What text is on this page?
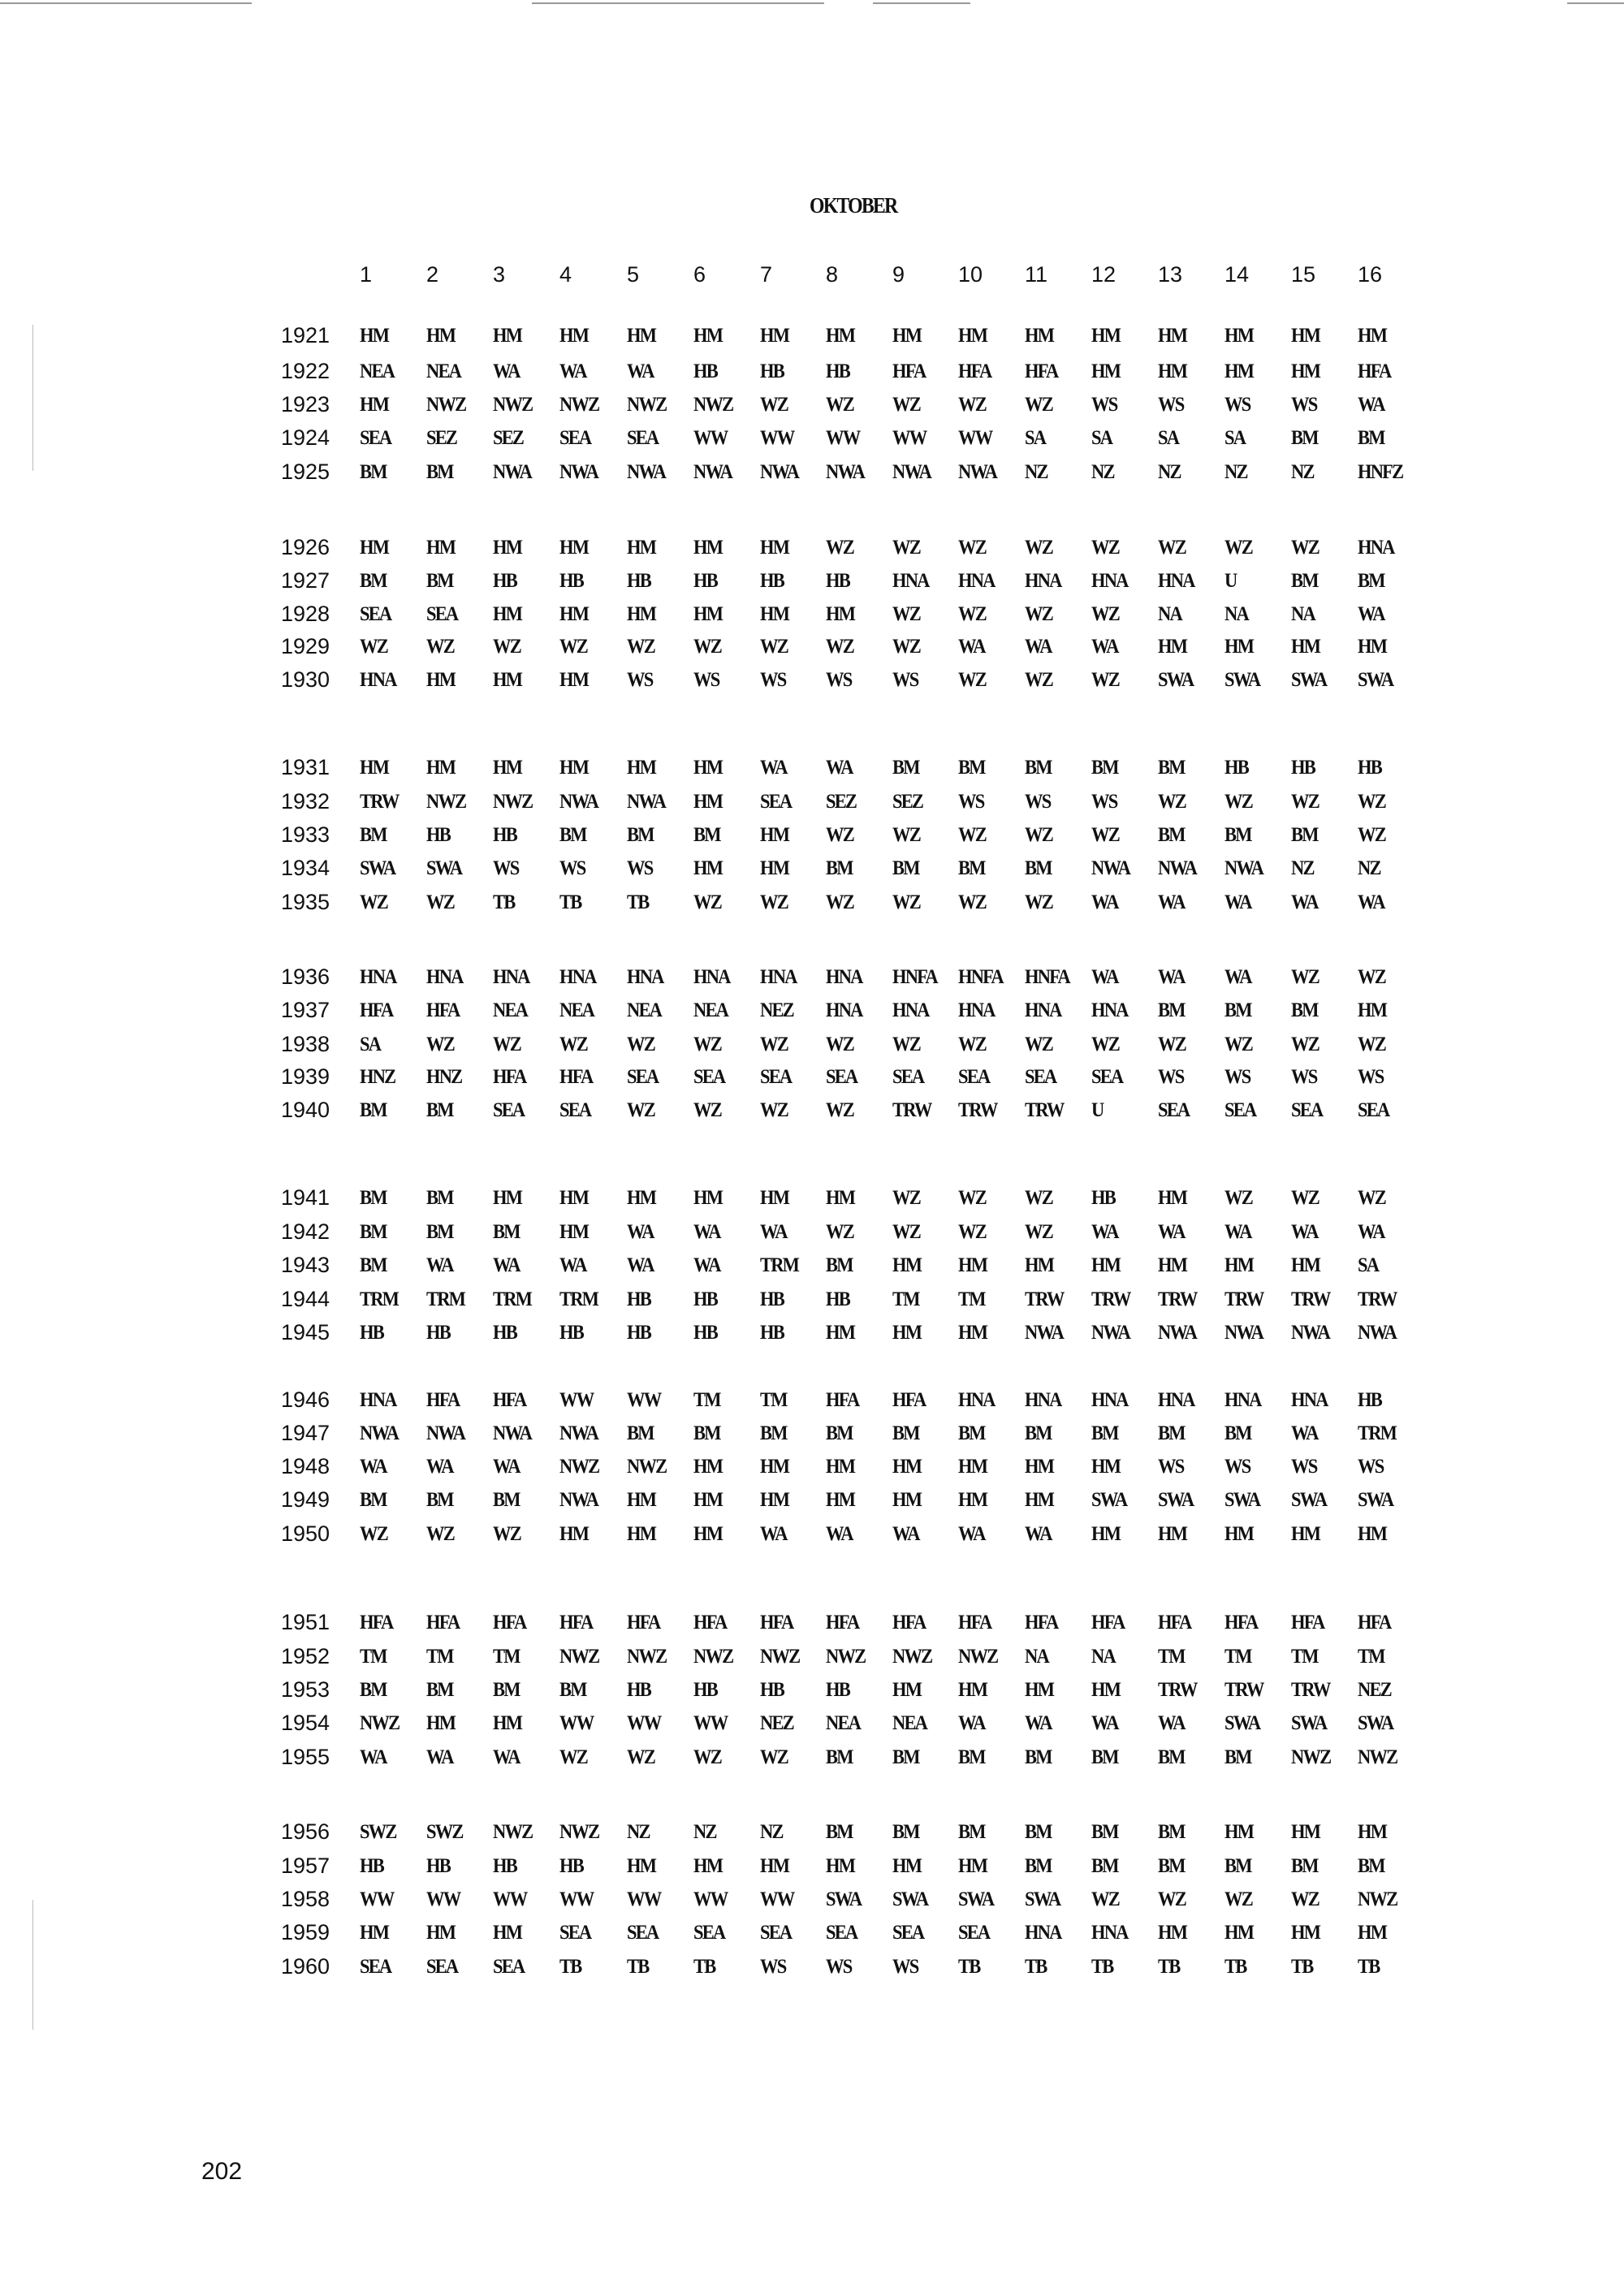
OKTOBER
1 2 3 4	5 6 7 8 9 10 11 12 13 14 15 16
1921 HM HM HM HM HM HM HM HM HM HM HM HM HM HM HM HM
1922 NEA NEA WA WA WA HB HB HB HFA HFA HFA HM HM HM HM HFA
1923 HM NWZ NWZ NWZ NWZ NWZ WZ WZ WZ WZ WZ WS WS WS WS WA
1924 SEA SEZ SEZ SEA SEA WW WW WW WW WW SA SA SA SA BM BM
1925 BM BM NWA NWA NWA NWA NWA NWA NWA NWA NZ NZ NZ NZ NZ HNFZ
1926 HM HM HM HM HM HM HM WZ WZ WZ WZ WZ WZ WZ WZ HNA
1927 BM BM HB HB HB HB HB HB HNA HNA HNA HNA HNA U	BM BM
1928 SEA SEA HM HM HM HM HM HM WZ WZ WZ WZ NA NA NA WA
1929 WZ WZ WZ WZ WZ WZ WZ WZ WZ WA WA WA HM HM HM HM
1930 HNA HM HM HM WS WS WS WS WS WZ WZ WZ SWA SWA SWA SWA
1931 HM HM HM HM HM HM WA WA BM BM BM BM BM HB HB HB
1932 TRW NWZ NWZ NWA NWA HM SEA SEZ SEZ WS WS WS WZ WZ WZ WZ
1933 BM HB HB BM BM BM HM WZ WZ WZ WZ WZ BM BM BM WZ
1934 SWA SWA WS WS WS HM HM BM BM BM BM NWA NWA NWA NZ NZ
1935 WZ WZ TB TB TB WZ WZ WZ WZ WZ WZ WA WA WA WA WA
1936 HNA HNA HNA HNA HNA HNA HNA HNA HNFA HNFA HNFA WA WA WA WZ WZ
1937 HFA HFA NEA NEA NEA NEA NEZ HNA HNA HNA HNA HNA BM BM BM HM
1938 SA WZ WZ WZ WZ WZ WZ WZ WZ WZ WZ WZ WZ WZ WZ WZ
1939 HNZ HNZ HFA HFA SEA SEA SEA SEA SEA SEA SEA SEA WS WS WS WS
1940 BM BM SEA SEA WZ WZ WZ WZ TRW TRW TRW U	SEA SEA SEA SEA
1941 BM BM HM HM HM HM HM HM WZ WZ WZ HB HM WZ WZ WZ
1942 BM BM BM HM WA WA WA WZ WZ WZ WZ WA WA WA WA WA
1943 BM WA WA WA WA WA TRM BM HM HM HM HM HM HM HM SA
1944 TRM TRM TRM TRM HB HB HB HB TM TM TRW TRW TRW TRW TRW TRW
1945 HB HB HB HB HB HB HB HM HM HM NWA NWA NWA NWA NWA NWA
1946 HNA HFA HFA WW WW TM TM HFA HFA HNA HNA HNA HNA HNA HNA HB
1947 NWA NWA NWA NWA BM BM BM BM BM BM BM BM BM BM WA TRM
1948 WA WA WA NWZ NWZ HM HM HM HM HM HM HM WS WS WS WS
1949 BM BM BM NWA HM HM HM HM HM HM HM SWA SWA SWA SWA SWA
1950 WZ WZ WZ HM HM HM WA WA WA WA WA HM HM HM HM HM
1951 HFA HFA HFA HFA HFA HFA HFA HFA HFA HFA HFA HFA HFA HFA HFA HFA
1952 TM TM TM NWZ NWZ NWZ NWZ NWZ NWZ NWZ NA NA TM TM TM TM
1953 BM BM BM BM HB HB HB HB HM HM HM HM TRW TRW TRW NEZ
1954 NWZ HM HM WW WW WW NEZ NEA NEA WA WA WA WA SWA SWA SWA
1955 WA WA WA WZ WZ WZ WZ BM BM BM BM BM BM BM NWZ NWZ
1956 SWZ SWZ NWZ NWZ NZ NZ NZ BM BM BM BM BM BM HM HM HM
1957 HB HB HB HB HM HM HM HM HM HM BM BM BM BM BM BM
1958 WW WW WW WW WW WW WW SWA SWA SWA SWA WZ WZ WZ WZ NWZ
1959 HM HM HM SEA SEA SEA SEA SEA SEA SEA HNA HNA HM HM HM HM
1960 SEA SEA SEA TB TB TB WS WS WS TB TB TB TB TB TB TB
202
